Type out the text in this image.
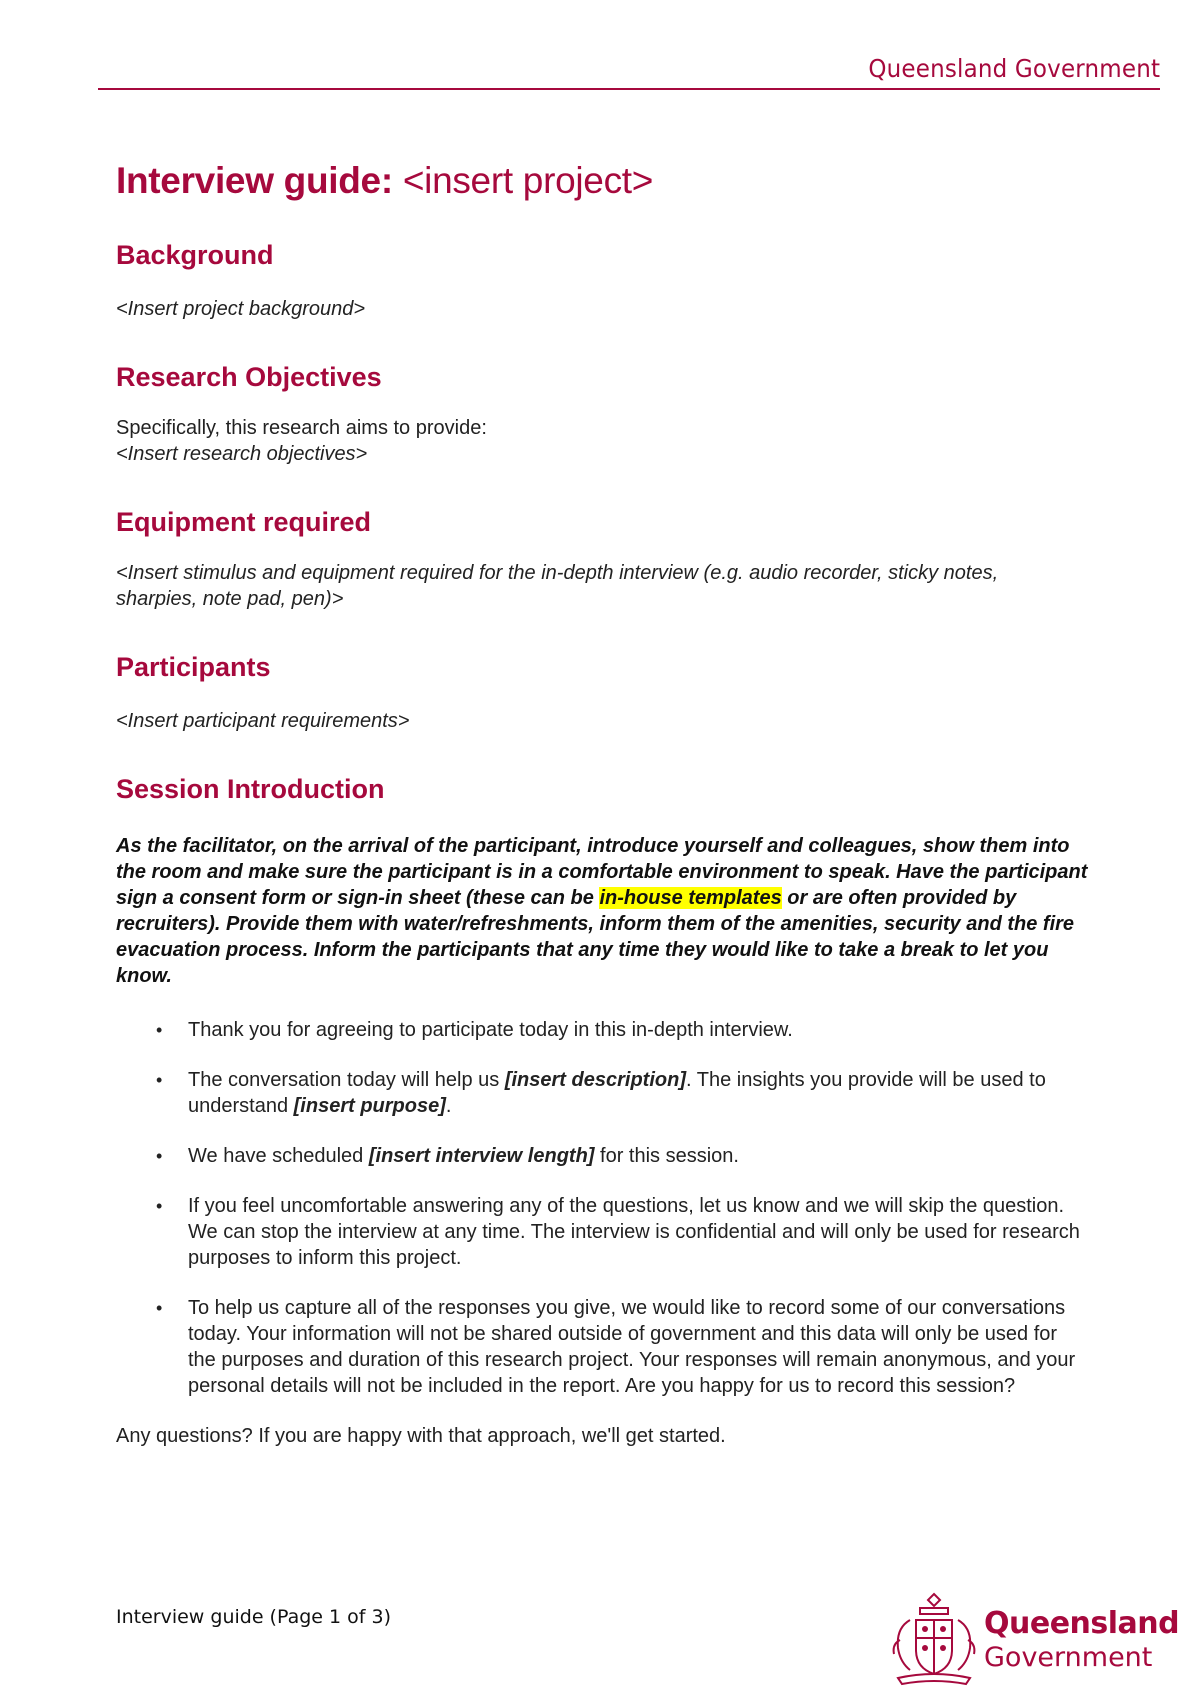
Queensland Government
Interview guide: <insert project>
Background

<Insert project background>

Research Objectives

Specifically, this research aims to provide:

<Insert research objectives>

Equipment required

<Insert stimulus and equipment required for the in-depth interview (e.g. audio recorder, sticky notes, sharpies, note pad, pen)>

Participants

<Insert participant requirements>

Session Introduction

As the facilitator, on the arrival of the participant, introduce yourself and colleagues, show them into the room and make sure the participant is in a comfortable environment to speak. Have the participant sign a consent form or sign-in sheet (these can be in-house templates or are often provided by recruiters). Provide them with water/refreshments, inform them of the amenities, security and the fire evacuation process. Inform the participants that any time they would like to take a break to let you know.

• Thank you for agreeing to participate today in this in-depth interview.
• The conversation today will help us [insert description]. The insights you provide will be used to understand [insert purpose].
• We have scheduled [insert interview length] for this session.
• If you feel uncomfortable answering any of the questions, let us know and we will skip the question. We can stop the interview at any time. The interview is confidential and will only be used for research purposes to inform this project.
• To help us capture all of the responses you give, we would like to record some of our conversations today. Your information will not be shared outside of government and this data will only be used for the purposes and duration of this research project. Your responses will remain anonymous, and your personal details will not be included in the report. Are you happy for us to record this session?

Any questions? If you are happy with that approach, we'll get started.

Interview guide (Page 1 of 3)	Queensland
Government
